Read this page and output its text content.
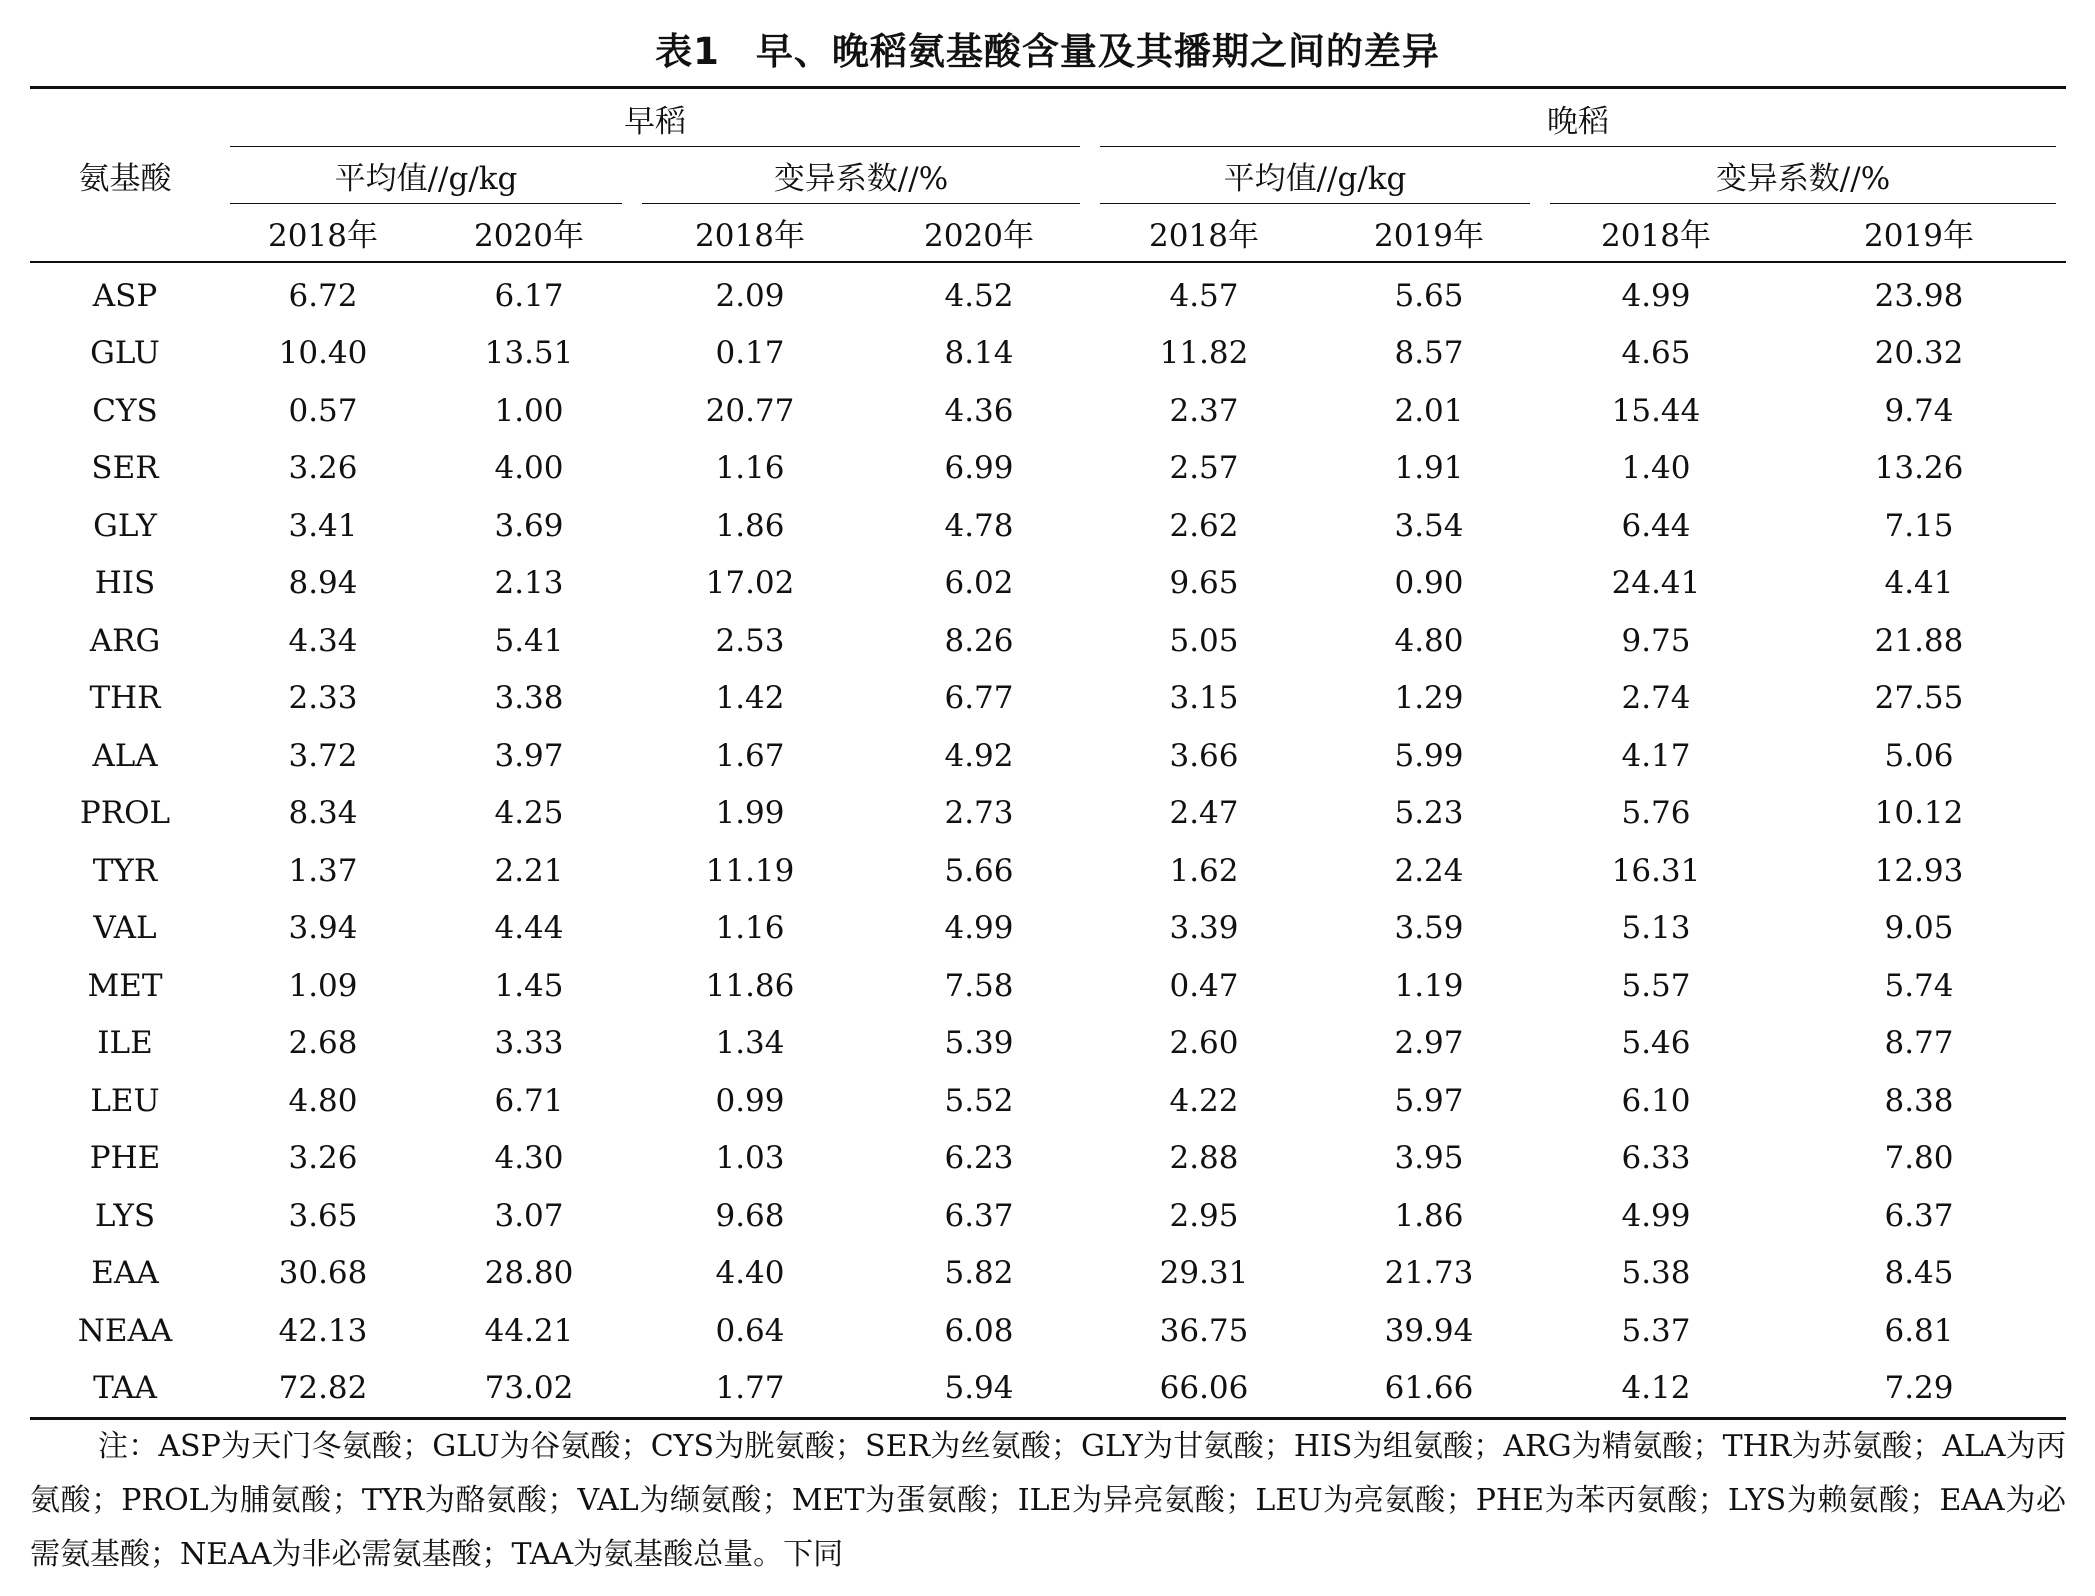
表1 早、晚稻氨基酸含量及其播期之间的差异
氨基酸	早稻				晚稻			
	平均值//g/kg		变异系数//%		平均值//g/kg		变异系数//%	
	2018年	2020年	2018年	2020年	2018年	2019年	2018年	2019年
ASP	6.72	6.17	2.09	4.52	4.57	5.65	4.99	23.98
GLU	10.40	13.51	0.17	8.14	11.82	8.57	4.65	20.32
CYS	0.57	1.00	20.77	4.36	2.37	2.01	15.44	9.74
SER	3.26	4.00	1.16	6.99	2.57	1.91	1.40	13.26
GLY	3.41	3.69	1.86	4.78	2.62	3.54	6.44	7.15
HIS	8.94	2.13	17.02	6.02	9.65	0.90	24.41	4.41
ARG	4.34	5.41	2.53	8.26	5.05	4.80	9.75	21.88
THR	2.33	3.38	1.42	6.77	3.15	1.29	2.74	27.55
ALA	3.72	3.97	1.67	4.92	3.66	5.99	4.17	5.06
PROL	8.34	4.25	1.99	2.73	2.47	5.23	5.76	10.12
TYR	1.37	2.21	11.19	5.66	1.62	2.24	16.31	12.93
VAL	3.94	4.44	1.16	4.99	3.39	3.59	5.13	9.05
MET	1.09	1.45	11.86	7.58	0.47	1.19	5.57	5.74
ILE	2.68	3.33	1.34	5.39	2.60	2.97	5.46	8.77
LEU	4.80	6.71	0.99	5.52	4.22	5.97	6.10	8.38
PHE	3.26	4.30	1.03	6.23	2.88	3.95	6.33	7.80
LYS	3.65	3.07	9.68	6.37	2.95	1.86	4.99	6.37
EAA	30.68	28.80	4.40	5.82	29.31	21.73	5.38	8.45
NEAA	42.13	44.21	0.64	6.08	36.75	39.94	5.37	6.81
TAA	72.82	73.02	1.77	5.94	66.06	61.66	4.12	7.29
注：ASP为天门冬氨酸；GLU为谷氨酸；CYS为胱氨酸；SER为丝氨酸；GLY为甘氨酸；HIS为组氨酸；ARG为精氨酸；THR为苏氨酸；ALA为丙氨酸；PROL为脯氨酸；TYR为酪氨酸；VAL为缬氨酸；MET为蛋氨酸；ILE为异亮氨酸；LEU为亮氨酸；PHE为苯丙氨酸；LYS为赖氨酸；EAA为必需氨基酸；NEAA为非必需氨基酸；TAA为氨基酸总量。下同
